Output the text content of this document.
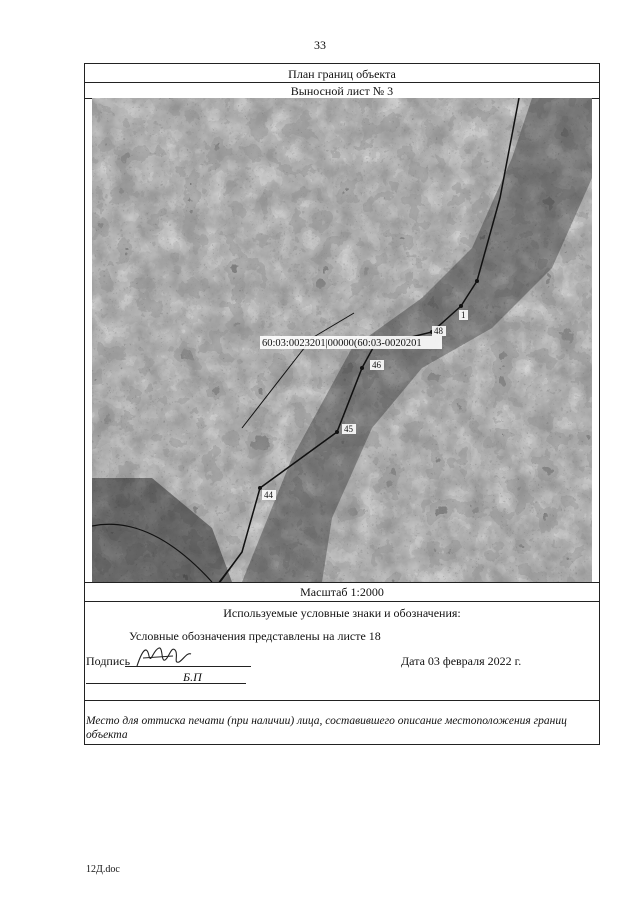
33
План границ объекта
Выносной лист № 3
60:03:0023201|00000(60:03-0020201
1
48
46
45
44
Масштаб 1:2000
Используемые условные знаки и обозначения:
Условные обозначения представлены на листе 18
Подпись
Б.П
Дата 03 февраля 2022 г.
Место для оттиска печати (при наличии) лица, составившего описание местоположения границ объекта
12Д.doc
